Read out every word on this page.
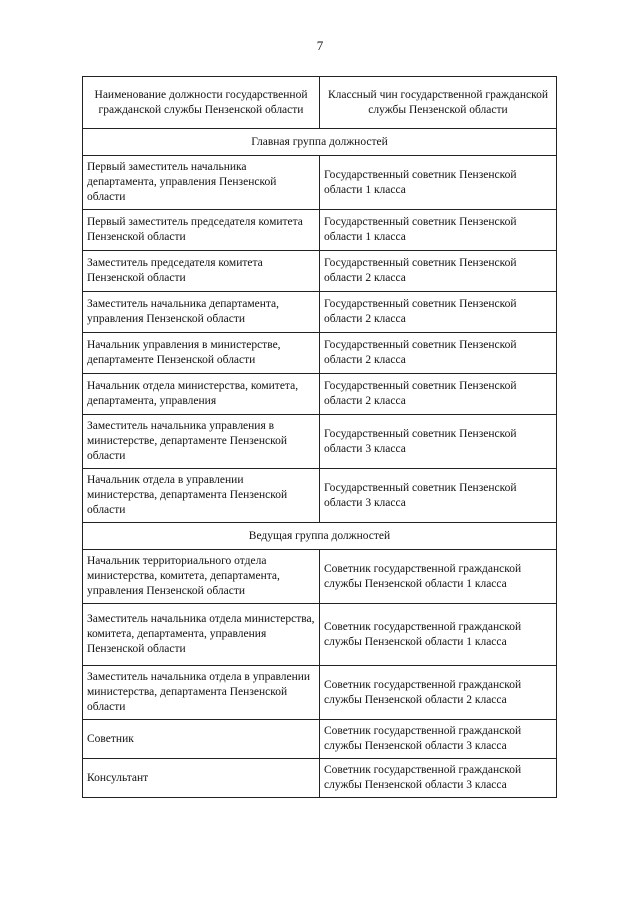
7
Наименование должности государственной гражданской службы Пензенской области	Классный чин государственной гражданской службы Пензенской области
Главная группа должностей	
Первый заместитель начальника департамента, управления Пензенской области	Государственный советник Пензенской области 1 класса
Первый заместитель председателя комитета Пензенской области	Государственный советник Пензенской области 1 класса
Заместитель председателя комитета Пензенской области	Государственный советник Пензенской области 2 класса
Заместитель начальника департамента, управления Пензенской области	Государственный советник Пензенской области 2 класса
Начальник управления в министерстве, департаменте Пензенской области	Государственный советник Пензенской области 2 класса
Начальник отдела министерства, комитета, департамента, управления	Государственный советник Пензенской области 2 класса
Заместитель начальника управления в министерстве, департаменте Пензенской области	Государственный советник Пензенской области 3 класса
Начальник отдела в управлении министерства, департамента Пензенской области	Государственный советник Пензенской области 3 класса
Ведущая группа должностей	
Начальник территориального отдела министерства, комитета, департамента, управления Пензенской области	Советник государственной гражданской службы Пензенской области 1 класса
Заместитель начальника отдела министерства, комитета, департамента, управления Пензенской области	Советник государственной гражданской службы Пензенской области 1 класса
Заместитель начальника отдела в управлении министерства, департамента Пензенской области	Советник государственной гражданской службы Пензенской области 2 класса
Советник	Советник государственной гражданской службы Пензенской области 3 класса
Консультант	Советник государственной гражданской службы Пензенской области 3 класса
